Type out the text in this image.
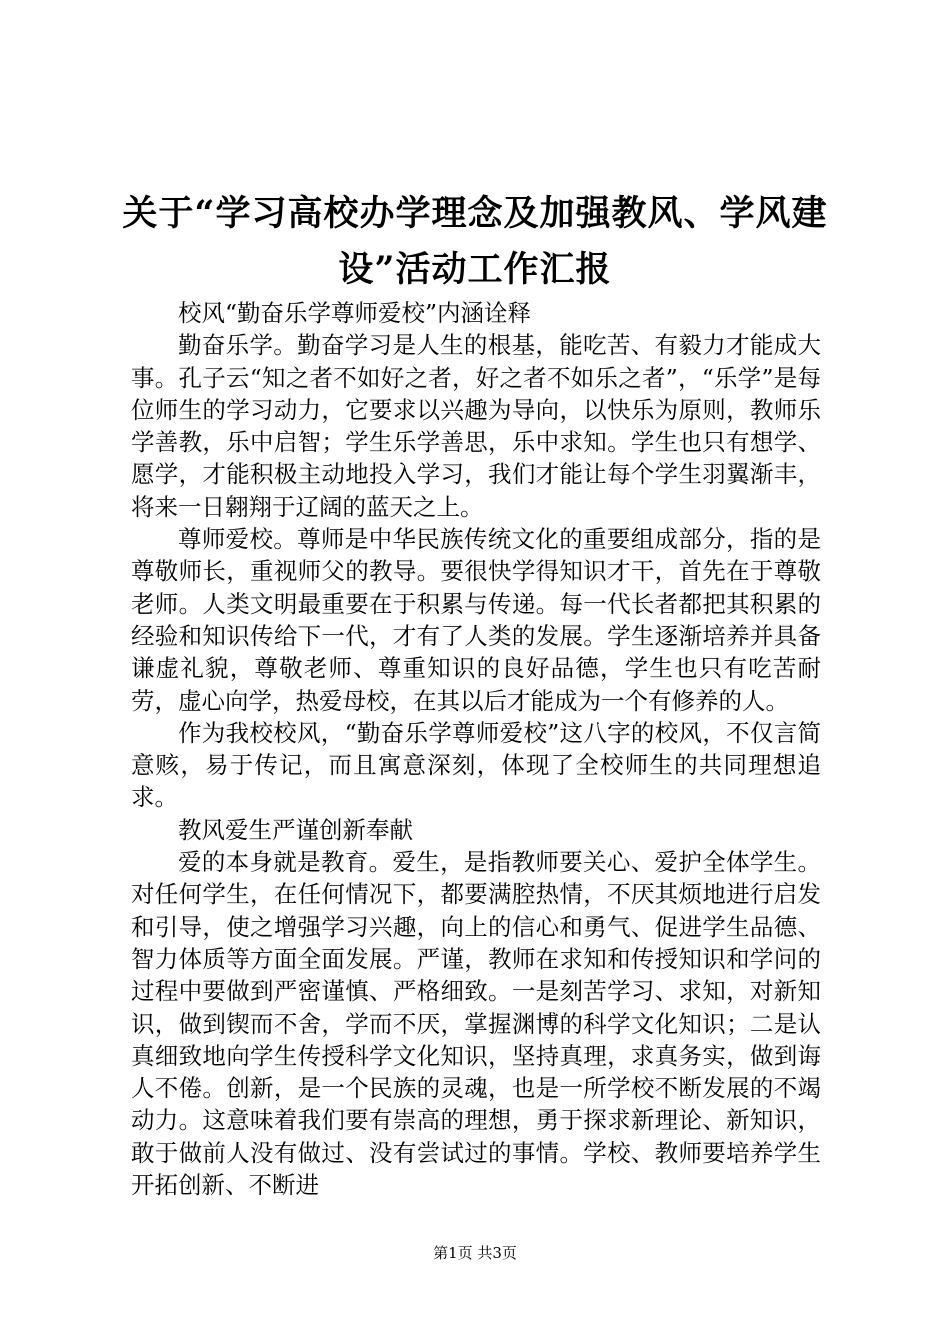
关于“学习高校办学理念及加强教风、学风建
设”活动工作汇报

校风“勤奋乐学尊师爱校”内涵诠释

勤奋乐学。勤奋学习是人生的根基，能吃苦、有毅力才能成大事。孔子云“知之者不如好之者，好之者不如乐之者”，“乐学”是每位师生的学习动力，它要求以兴趣为导向，以快乐为原则，教师乐学善教，乐中启智；学生乐学善思，乐中求知。学生也只有想学、愿学，才能积极主动地投入学习，我们才能让每个学生羽翼渐丰，将来一日翱翔于辽阔的蓝天之上。

尊师爱校。尊师是中华民族传统文化的重要组成部分，指的是尊敬师长，重视师父的教导。要很快学得知识才干，首先在于尊敬老师。人类文明最重要在于积累与传递。每一代长者都把其积累的经验和知识传给下一代，才有了人类的发展。学生逐渐培养并具备谦虚礼貌，尊敬老师、尊重知识的良好品德，学生也只有吃苦耐劳，虚心向学，热爱母校，在其以后才能成为一个有修养的人。

作为我校校风，“勤奋乐学尊师爱校”这八字的校风，不仅言简意赅，易于传记，而且寓意深刻，体现了全校师生的共同理想追求。

教风爱生严谨创新奉献

爱的本身就是教育。爱生，是指教师要关心、爱护全体学生。对任何学生，在任何情况下，都要满腔热情，不厌其烦地进行启发和引导，使之增强学习兴趣，向上的信心和勇气、促进学生品德、智力体质等方面全面发展。严谨，教师在求知和传授知识和学问的过程中要做到严密谨慎、严格细致。一是刻苦学习、求知，对新知识，做到锲而不舍，学而不厌，掌握渊博的科学文化知识；二是认真细致地向学生传授科学文化知识，坚持真理，求真务实，做到诲人不倦。创新，是一个民族的灵魂，也是一所学校不断发展的不竭动力。这意味着我们要有崇高的理想，勇于探求新理论、新知识，敢于做前人没有做过、没有尝试过的事情。学校、教师要培养学生开拓创新、不断进

第1页 共3页
